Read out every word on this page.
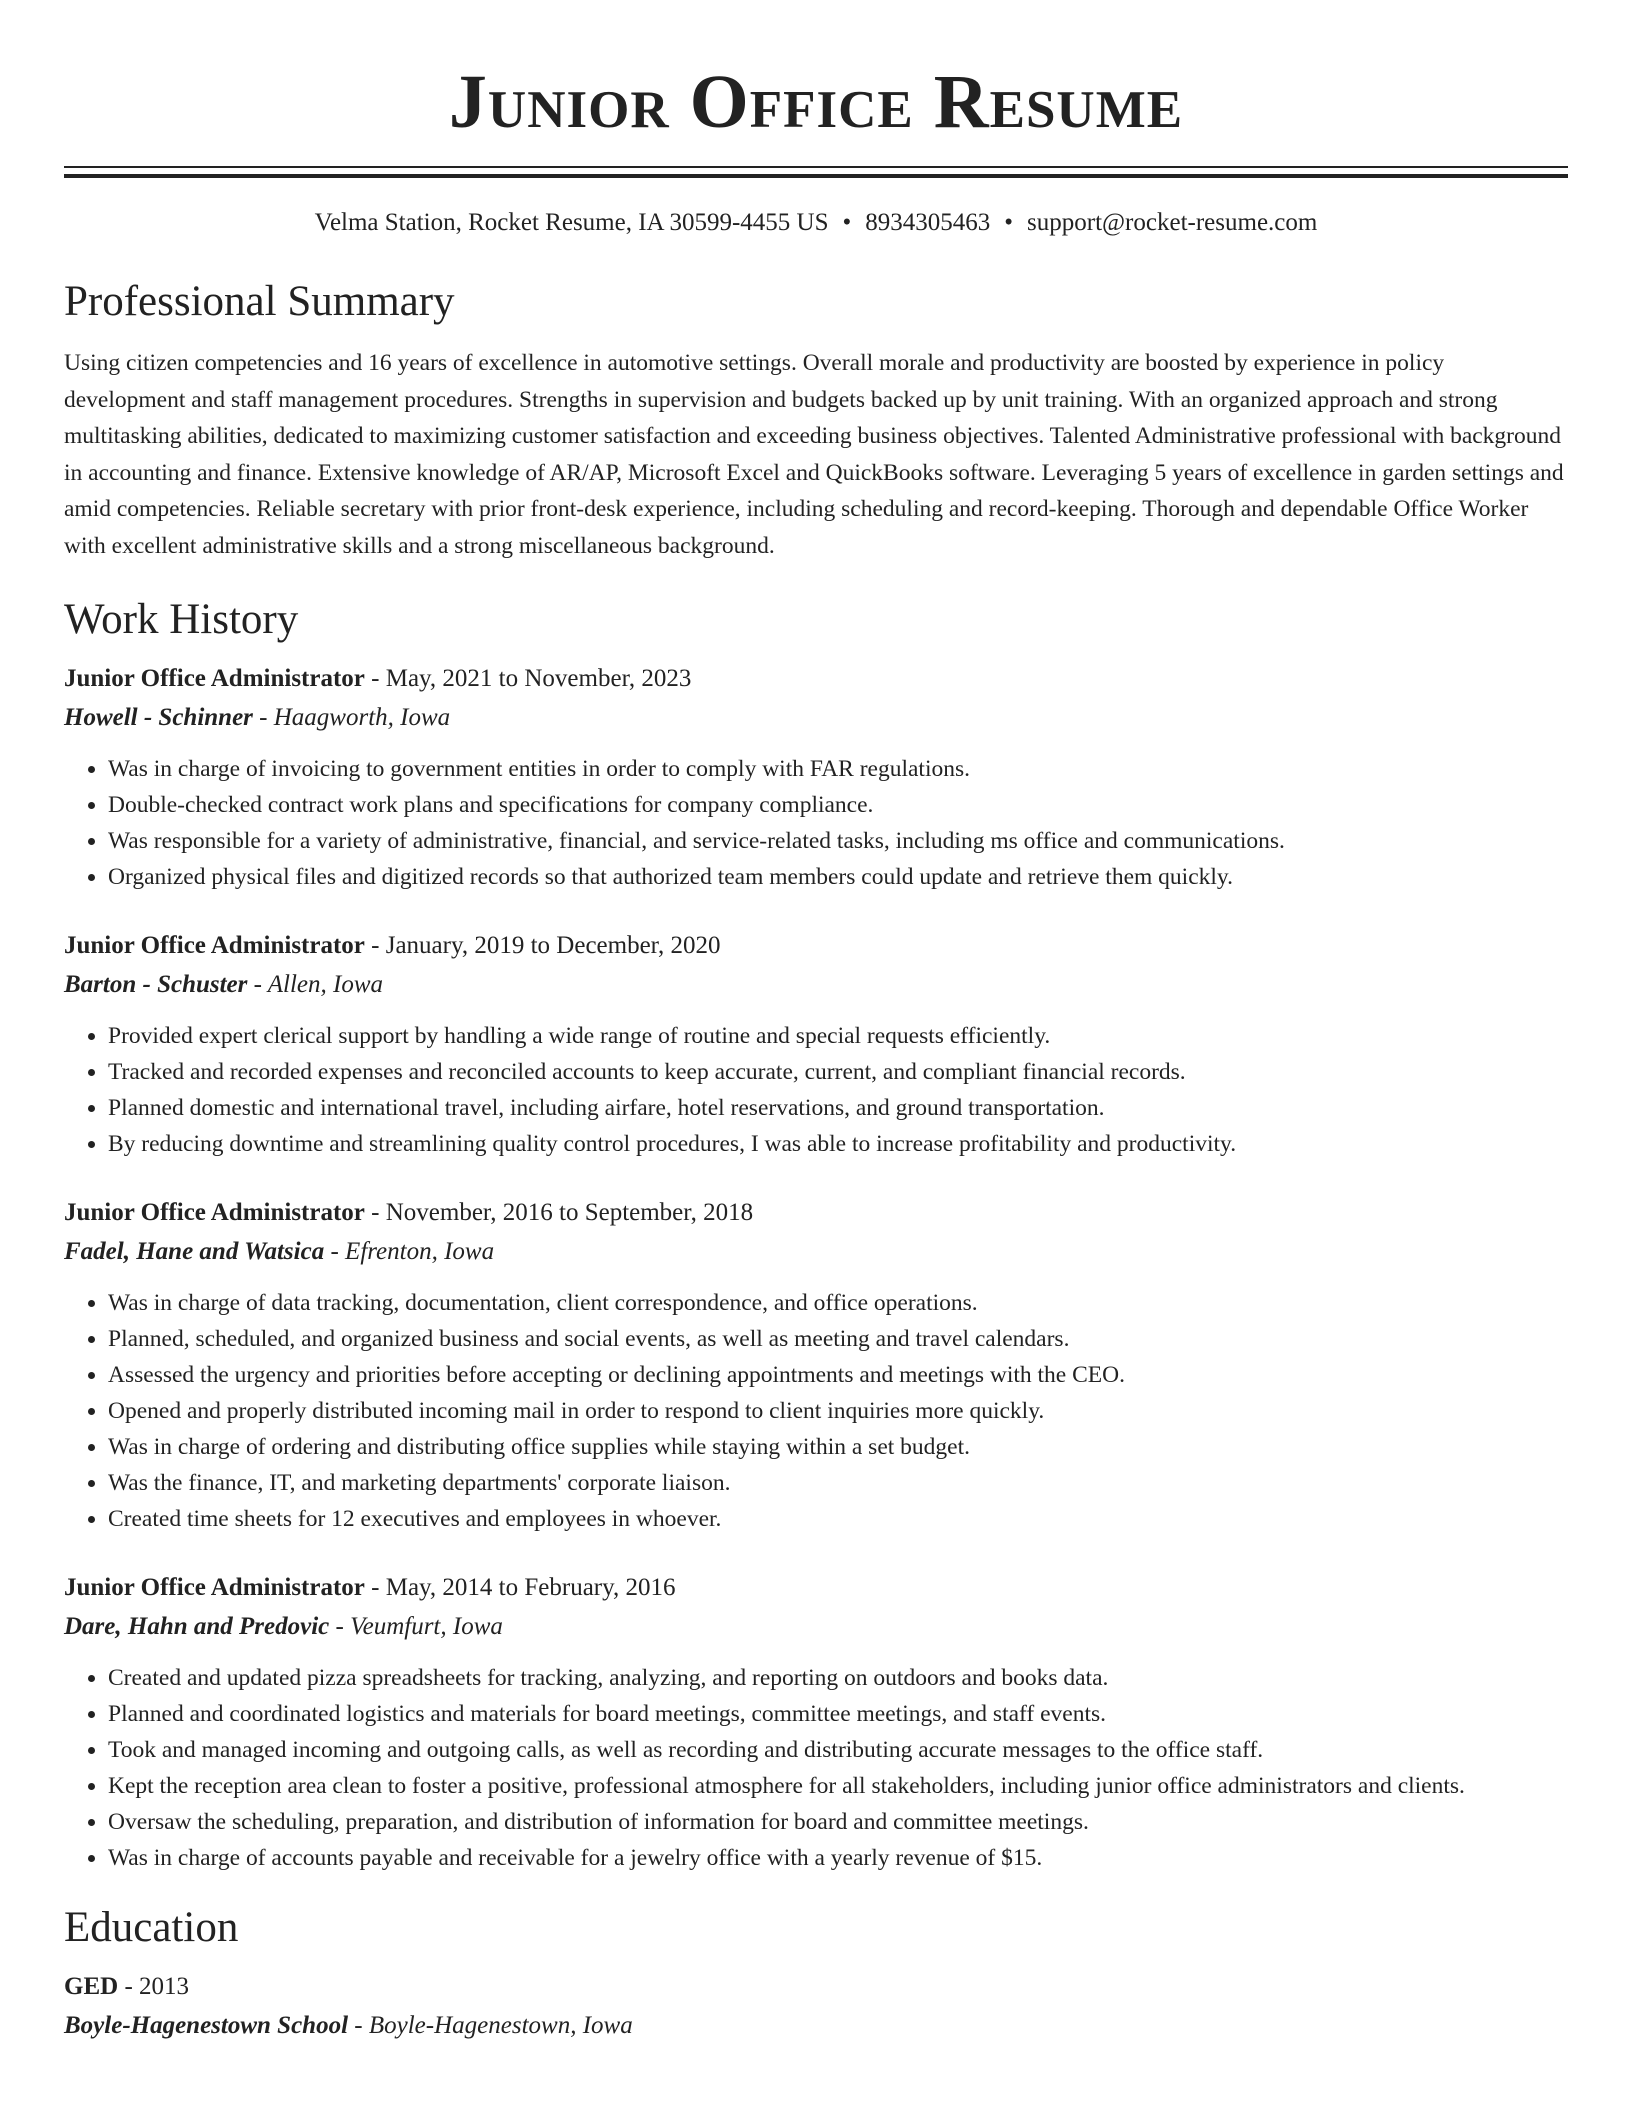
Junior Office Resume
Velma Station, Rocket Resume, IA 30599-4455 US • 8934305463 • support@rocket-resume.com
Professional Summary

Using citizen competencies and 16 years of excellence in automotive settings. Overall morale and productivity are boosted by experience in policy development and staff management procedures. Strengths in supervision and budgets backed up by unit training. With an organized approach and strong multitasking abilities, dedicated to maximizing customer satisfaction and exceeding business objectives. Talented Administrative professional with background in accounting and finance. Extensive knowledge of AR/AP, Microsoft Excel and QuickBooks software. Leveraging 5 years of excellence in garden settings and amid competencies. Reliable secretary with prior front-desk experience, including scheduling and record-keeping. Thorough and dependable Office Worker with excellent administrative skills and a strong miscellaneous background.

Work History
Junior Office Administrator - May, 2021 to November, 2023
Howell - Schinner - Haagworth, Iowa
• Was in charge of invoicing to government entities in order to comply with FAR regulations.
• Double-checked contract work plans and specifications for company compliance.
• Was responsible for a variety of administrative, financial, and service-related tasks, including ms office and communications.
• Organized physical files and digitized records so that authorized team members could update and retrieve them quickly.
Junior Office Administrator - January, 2019 to December, 2020
Barton - Schuster - Allen, Iowa
• Provided expert clerical support by handling a wide range of routine and special requests efficiently.
• Tracked and recorded expenses and reconciled accounts to keep accurate, current, and compliant financial records.
• Planned domestic and international travel, including airfare, hotel reservations, and ground transportation.
• By reducing downtime and streamlining quality control procedures, I was able to increase profitability and productivity.
Junior Office Administrator - November, 2016 to September, 2018
Fadel, Hane and Watsica - Efrenton, Iowa
• Was in charge of data tracking, documentation, client correspondence, and office operations.
• Planned, scheduled, and organized business and social events, as well as meeting and travel calendars.
• Assessed the urgency and priorities before accepting or declining appointments and meetings with the CEO.
• Opened and properly distributed incoming mail in order to respond to client inquiries more quickly.
• Was in charge of ordering and distributing office supplies while staying within a set budget.
• Was the finance, IT, and marketing departments' corporate liaison.
• Created time sheets for 12 executives and employees in whoever.
Junior Office Administrator - May, 2014 to February, 2016
Dare, Hahn and Predovic - Veumfurt, Iowa
• Created and updated pizza spreadsheets for tracking, analyzing, and reporting on outdoors and books data.
• Planned and coordinated logistics and materials for board meetings, committee meetings, and staff events.
• Took and managed incoming and outgoing calls, as well as recording and distributing accurate messages to the office staff.
• Kept the reception area clean to foster a positive, professional atmosphere for all stakeholders, including junior office administrators and clients.
• Oversaw the scheduling, preparation, and distribution of information for board and committee meetings.
• Was in charge of accounts payable and receivable for a jewelry office with a yearly revenue of $15.
Education
GED - 2013
Boyle-Hagenestown School - Boyle-Hagenestown, Iowa
